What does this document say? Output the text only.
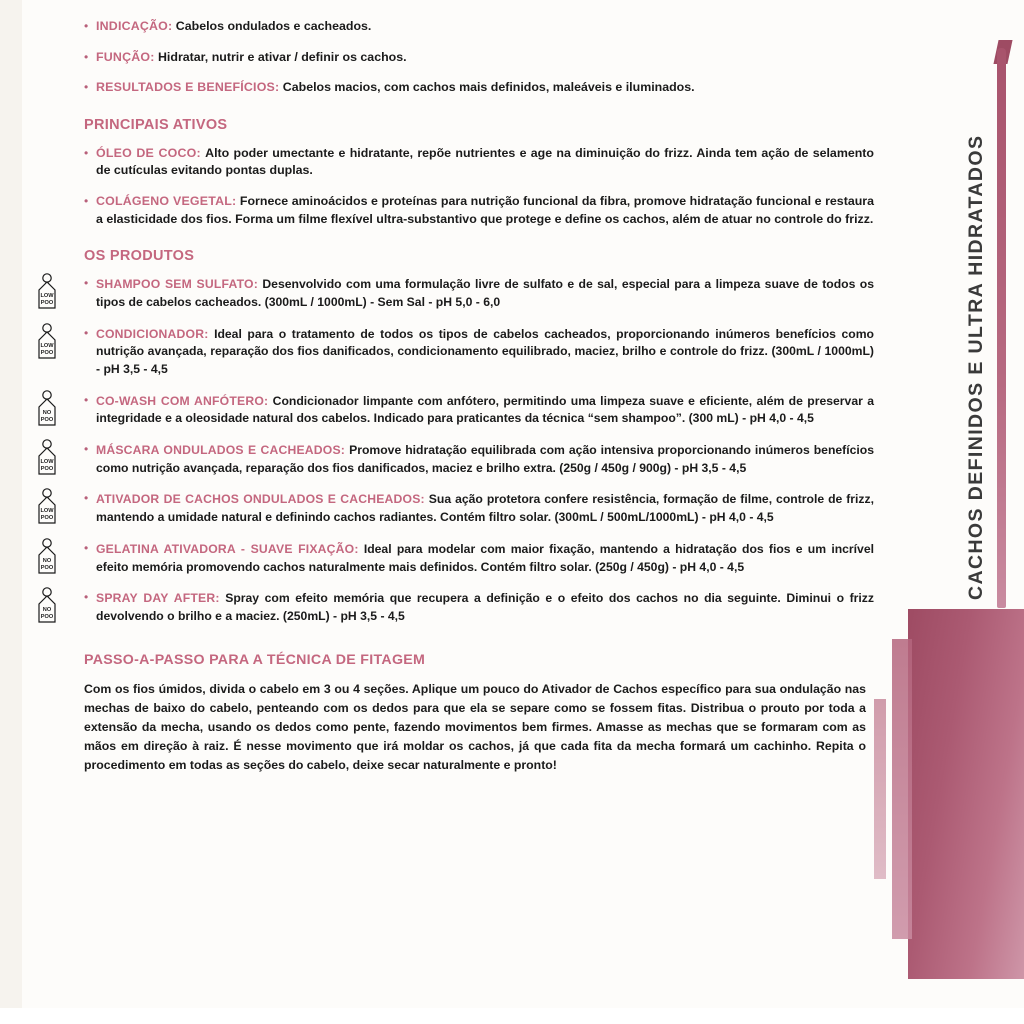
CACHOS DEFINIDOS E ULTRA HIDRATADOS
• INDICAÇÃO: Cabelos ondulados e cacheados.
• FUNÇÃO: Hidratar, nutrir e ativar / definir os cachos.
• RESULTADOS E BENEFÍCIOS: Cabelos macios, com cachos mais definidos, maleáveis e iluminados.
PRINCIPAIS ATIVOS
• ÓLEO DE COCO: Alto poder umectante e hidratante, repõe nutrientes e age na diminuição do frizz. Ainda tem ação de selamento de cutículas evitando pontas duplas.
• COLÁGENO VEGETAL: Fornece aminoácidos e proteínas para nutrição funcional da fibra, promove hidratação funcional e restaura a elasticidade dos fios. Forma um filme flexível ultra-substantivo que protege e define os cachos, além de atuar no controle do frizz.
OS PRODUTOS
• LOW
POO
SHAMPOO SEM SULFATO: Desenvolvido com uma formulação livre de sulfato e de sal, especial para a limpeza suave de todos os tipos de cabelos cacheados. (300mL / 1000mL) - Sem Sal - pH 5,0 - 6,0
• LOW
POO
CONDICIONADOR: Ideal para o tratamento de todos os tipos de cabelos cacheados, proporcionando inúmeros benefícios como nutrição avançada, reparação dos fios danificados, condicionamento equilibrado, maciez, brilho e controle do frizz. (300mL / 1000mL) - pH 3,5 - 4,5
• NO
POO
CO-WASH COM ANFÓTERO: Condicionador limpante com anfótero, permitindo uma limpeza suave e eficiente, além de preservar a integridade e a oleosidade natural dos cabelos. Indicado para praticantes da técnica “sem shampoo”. (300 mL) - pH 4,0 - 4,5
• LOW
POO
MÁSCARA ONDULADOS E CACHEADOS: Promove hidratação equilibrada com ação intensiva proporcionando inúmeros benefícios como nutrição avançada, reparação dos fios danificados, maciez e brilho extra. (250g / 450g / 900g) - pH 3,5 - 4,5
• LOW
POO
ATIVADOR DE CACHOS ONDULADOS E CACHEADOS: Sua ação protetora confere resistência, formação de filme, controle de frizz, mantendo a umidade natural e definindo cachos radiantes. Contém filtro solar. (300mL / 500mL/1000mL) - pH 4,0 - 4,5
• NO
POO
GELATINA ATIVADORA - SUAVE FIXAÇÃO: Ideal para modelar com maior fixação, mantendo a hidratação dos fios e um incrível efeito memória promovendo cachos naturalmente mais definidos. Contém filtro solar. (250g / 450g) - pH 4,0 - 4,5
• NO
POO
SPRAY DAY AFTER: Spray com efeito memória que recupera a definição e o efeito dos cachos no dia seguinte. Diminui o frizz devolvendo o brilho e a maciez. (250mL) - pH 3,5 - 4,5
PASSO-A-PASSO PARA A TÉCNICA DE FITAGEM
Com os fios úmidos, divida o cabelo em 3 ou 4 seções. Aplique um pouco do Ativador de Cachos específico para sua ondulação nas mechas de baixo do cabelo, penteando com os dedos para que ela se separe como se fossem fitas. Distribua o prouto por toda a extensão da mecha, usando os dedos como pente, fazendo movimentos bem firmes. Amasse as mechas que se formaram com as mãos em direção à raiz. É nesse movimento que irá moldar os cachos, já que cada fita da mecha formará um cachinho. Repita o procedimento em todas as seções do cabelo, deixe secar naturalmente e pronto!
